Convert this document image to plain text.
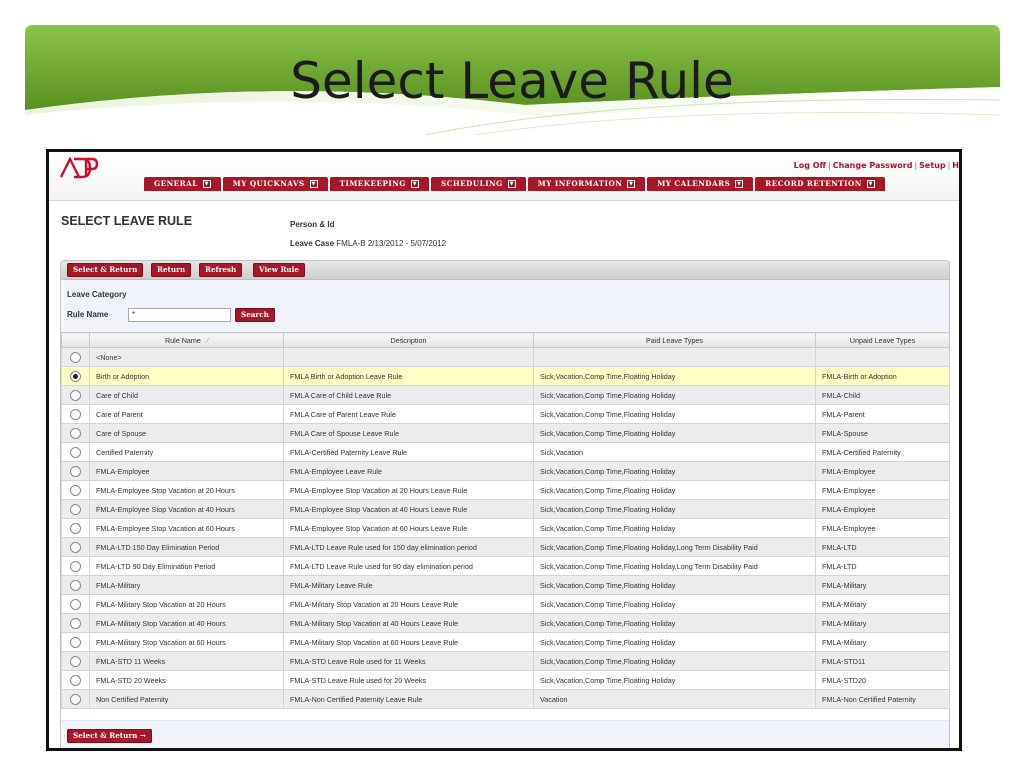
Select Leave Rule
Log Off | Change Password | Setup | H
GENERAL	▼	MY QUICKNAVS	▼	TIMEKEEPING	▼	SCHEDULING	▼	MY INFORMATION	▼	MY CALENDARS	▼	RECORD RETENTION	▼
SELECT LEAVE RULE	Person & Id
Leave Case FMLA-B 2/13/2012 - 5/07/2012
Select & Return	Return	Refresh	View Rule
Leave Category
Rule Name	*	Search
	Rule Name ⁄	Description	Paid Leave Types	Unpaid Leave Types
	<None>			
	Birth or Adoption	FMLA Birth or Adoption Leave Rule	Sick,Vacation,Comp Time,Floating Holiday	FMLA-Birth or Adoption
	Care of Child	FMLA Care of Child Leave Rule	Sick,Vacation,Comp Time,Floating Holiday	FMLA-Child
	Care of Parent	FMLA Care of Parent Leave Rule	Sick,Vacation,Comp Time,Floating Holiday	FMLA-Parent
	Care of Spouse	FMLA Care of Spouse Leave Rule	Sick,Vacation,Comp Time,Floating Holiday	FMLA-Spouse
	Certified Paternity	FMLA-Certified Paternity Leave Rule	Sick,Vacation	FMLA-Certified Paternity
	FMLA-Employee	FMLA-Employee Leave Rule	Sick,Vacation,Comp Time,Floating Holiday	FMLA-Employee
	FMLA-Employee Stop Vacation at 20 Hours	FMLA-Employee Stop Vacation at 20 Hours Leave Rule	Sick,Vacation,Comp Time,Floating Holiday	FMLA-Employee
	FMLA-Employee Stop Vacation at 40 Hours	FMLA-Employee Stop Vacation at 40 Hours Leave Rule	Sick,Vacation,Comp Time,Floating Holiday	FMLA-Employee
	FMLA-Employee Stop Vacation at 60 Hours	FMLA-Employee Stop Vacation at 60 Hours Leave Rule	Sick,Vacation,Comp Time,Floating Holiday	FMLA-Employee
	FMLA-LTD 150 Day Elimination Period	FMLA-LTD Leave Rule used for 150 day elimination period	Sick,Vacation,Comp Time,Floating Holiday,Long Term Disability Paid	FMLA-LTD
	FMLA-LTD 90 Day Elimination Period	FMLA-LTD Leave Rule used for 90 day elimination period	Sick,Vacation,Comp Time,Floating Holiday,Long Term Disability Paid	FMLA-LTD
	FMLA-Military	FMLA-Military Leave Rule	Sick,Vacation,Comp Time,Floating Holiday	FMLA-Military
	FMLA-Military Stop Vacation at 20 Hours	FMLA-Military Stop Vacation at 20 Hours Leave Rule	Sick,Vacation,Comp Time,Floating Holiday	FMLA-Military
	FMLA-Military Stop Vacation at 40 Hours	FMLA-Military Stop Vacation at 40 Hours Leave Rule	Sick,Vacation,Comp Time,Floating Holiday	FMLA-Military
	FMLA-Military Stop Vacation at 60 Hours	FMLA-Military Stop Vacation at 60 Hours Leave Rule	Sick,Vacation,Comp Time,Floating Holiday	FMLA-Military
	FMLA-STD 11 Weeks	FMLA-STD Leave Rule used for 11 Weeks	Sick,Vacation,Comp Time,Floating Holiday	FMLA-STD11
	FMLA-STD 20 Weeks	FMLA-STD Leave Rule used for 20 Weeks	Sick,Vacation,Comp Time,Floating Holiday	FMLA-STD20
	Non Certified Paternity	FMLA-Non Certified Paternity Leave Rule	Vacation	FMLA-Non Certified Paternity
Select & Return →
